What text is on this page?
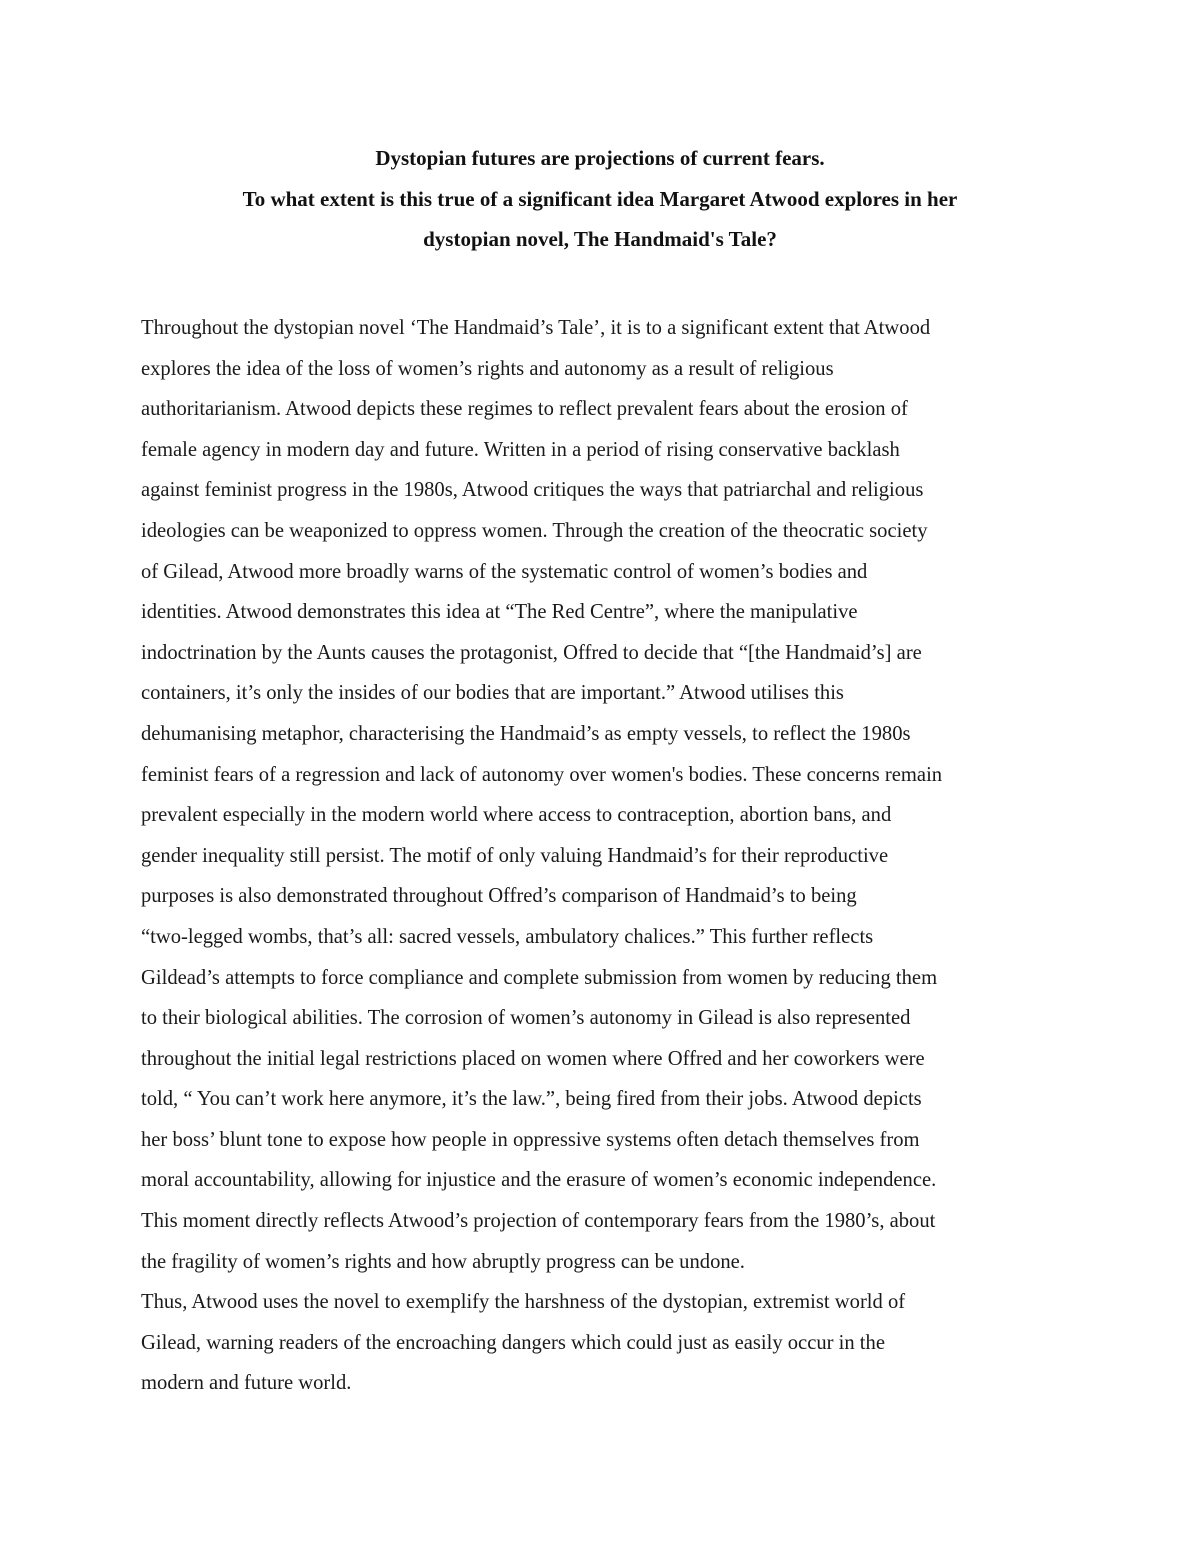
Dystopian futures are projections of current fears.
To what extent is this true of a significant idea Margaret Atwood explores in her
dystopian novel, The Handmaid's Tale?
Throughout the dystopian novel ‘The Handmaid’s Tale’, it is to a significant extent that Atwood
explores the idea of the loss of women’s rights and autonomy as a result of religious
authoritarianism. Atwood depicts these regimes to reflect prevalent fears about the erosion of
female agency in modern day and future. Written in a period of rising conservative backlash
against feminist progress in the 1980s, Atwood critiques the ways that patriarchal and religious
ideologies can be weaponized to oppress women. Through the creation of the theocratic society
of Gilead, Atwood more broadly warns of the systematic control of women’s bodies and
identities. Atwood demonstrates this idea at “The Red Centre”, where the manipulative
indoctrination by the Aunts causes the protagonist, Offred to decide that “[the Handmaid’s] are
containers, it’s only the insides of our bodies that are important.” Atwood utilises this
dehumanising metaphor, characterising the Handmaid’s as empty vessels, to reflect the 1980s
feminist fears of a regression and lack of autonomy over women's bodies. These concerns remain
prevalent especially in the modern world where access to contraception, abortion bans, and
gender inequality still persist. The motif of only valuing Handmaid’s for their reproductive
purposes is also demonstrated throughout Offred’s comparison of Handmaid’s to being
“two-legged wombs, that’s all: sacred vessels, ambulatory chalices.” This further reflects
Gildead’s attempts to force compliance and complete submission from women by reducing them
to their biological abilities. The corrosion of women’s autonomy in Gilead is also represented
throughout the initial legal restrictions placed on women where Offred and her coworkers were
told, “ You can’t work here anymore, it’s the law.”, being fired from their jobs. Atwood depicts
her boss’ blunt tone to expose how people in oppressive systems often detach themselves from
moral accountability, allowing for injustice and the erasure of women’s economic independence.
This moment directly reflects Atwood’s projection of contemporary fears from the 1980’s, about
the fragility of women’s rights and how abruptly progress can be undone.
Thus, Atwood uses the novel to exemplify the harshness of the dystopian, extremist world of
Gilead, warning readers of the encroaching dangers which could just as easily occur in the
modern and future world.
